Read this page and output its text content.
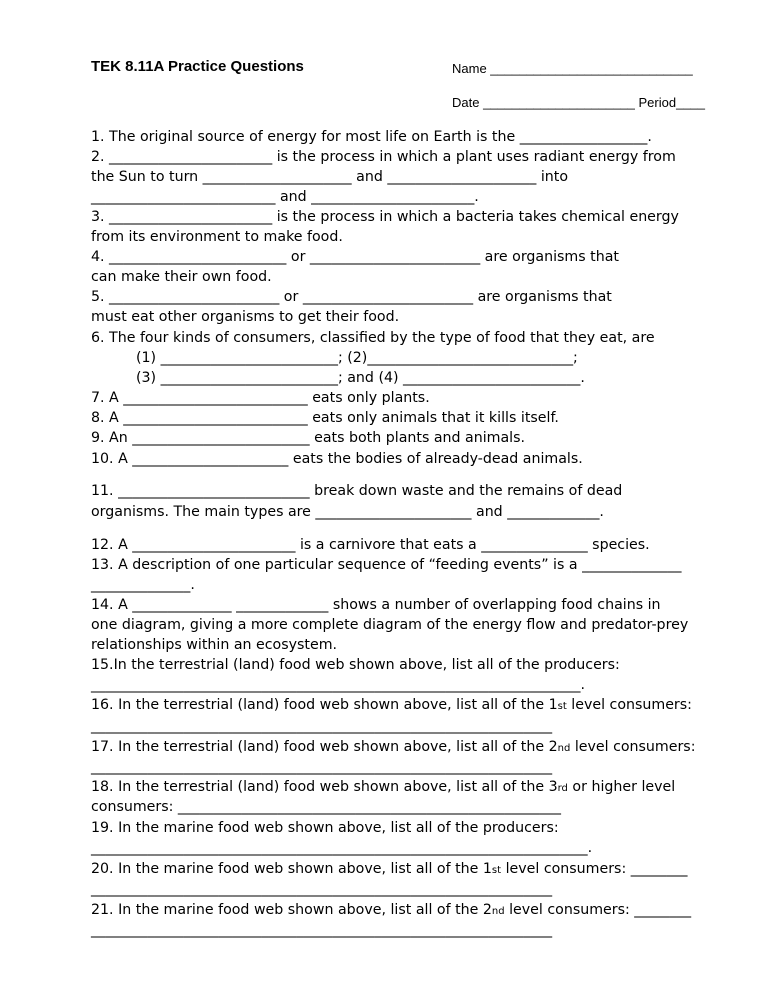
TEK 8.11A Practice Questions	Name ____________________________
Date _____________________ Period____
1. The original source of energy for most life on Earth is the __________________.
2. _______________________ is the process in which a plant uses radiant energy from
the Sun to turn _____________________ and _____________________ into
__________________________ and _______________________.
3. _______________________ is the process in which a bacteria takes chemical energy
from its environment to make food.
4. _________________________ or ________________________ are organisms that
can make their own food.
5. ________________________ or ________________________ are organisms that
must eat other organisms to get their food.
6. The four kinds of consumers, classified by the type of food that they eat, are
(1) _________________________; (2)_____________________________;
(3) _________________________; and (4) _________________________.
7. A __________________________ eats only plants.
8. A __________________________ eats only animals that it kills itself.
9. An _________________________ eats both plants and animals.
10. A ______________________ eats the bodies of already-dead animals.
11. ___________________________ break down waste and the remains of dead
organisms. The main types are ______________________ and _____________.
12. A _______________________ is a carnivore that eats a _______________ species.
13. A description of one particular sequence of “feeding events” is a ______________
______________.
14. A ______________ _____________ shows a number of overlapping food chains in
one diagram, giving a more complete diagram of the energy flow and predator-prey
relationships within an ecosystem.
15.In the terrestrial (land) food web shown above, list all of the producers:
_____________________________________________________________________.
16. In the terrestrial (land) food web shown above, list all of the 1st level consumers:
_________________________________________________________________
17. In the terrestrial (land) food web shown above, list all of the 2nd level consumers:
_________________________________________________________________
18. In the terrestrial (land) food web shown above, list all of the 3rd or higher level
consumers: ______________________________________________________
19. In the marine food web shown above, list all of the producers:
______________________________________________________________________.
20. In the marine food web shown above, list all of the 1st level consumers: ________
_________________________________________________________________
21. In the marine food web shown above, list all of the 2nd level consumers: ________
_________________________________________________________________
